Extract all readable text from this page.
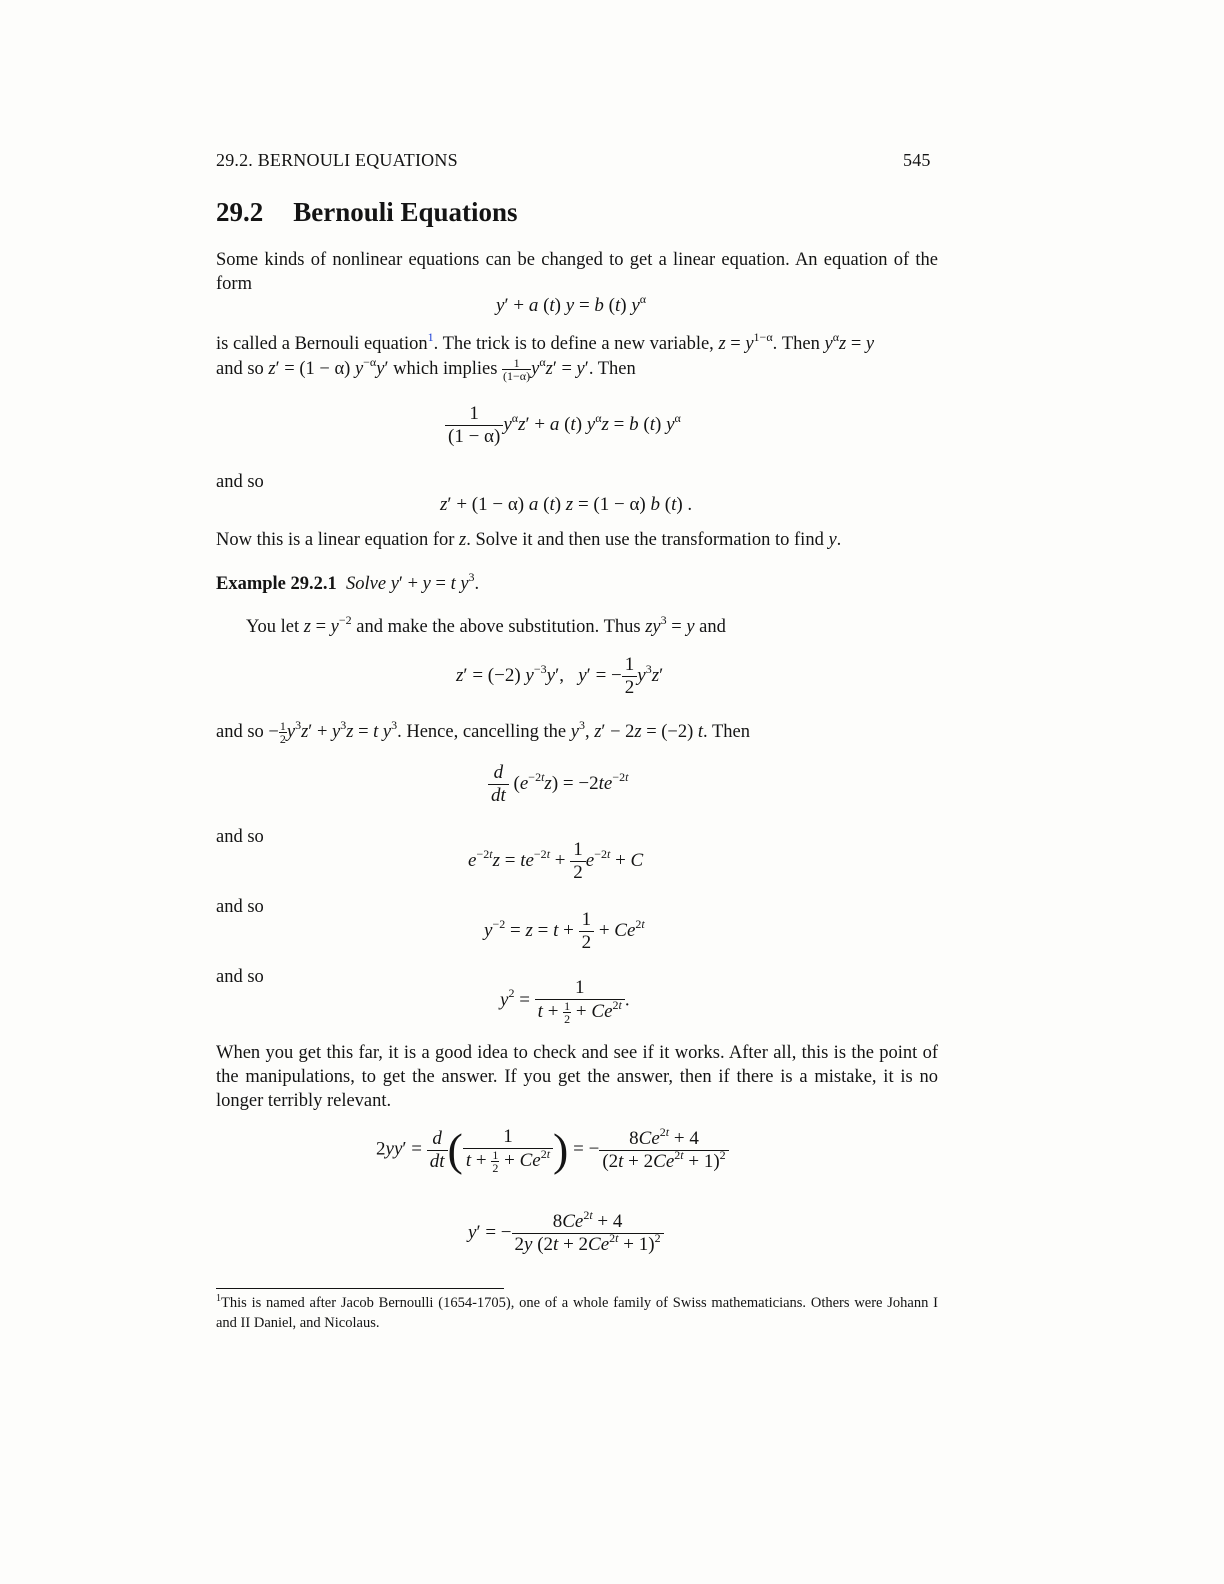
29.2. BERNOULI EQUATIONS	545
29.2 Bernouli Equations
Some kinds of nonlinear equations can be changed to get a linear equation. An equation of the form
y′ + a (t) y = b (t) $y^\alpha$
is called a Bernouli equation$^1$. The trick is to define a new variable, $z = y^{1-\alpha}$. Then $y^\alpha z = y$
and so z′ = (1 − α) $y^{-\alpha}y'$ which implies $\frac{1}{(1-\alpha)} y^\alpha z' = y'$. Then
$\frac{1}{(1 - \alpha)} y^\alpha z' + a$ (t) $y^\alpha z = b$ (t) $y^\alpha$
and so
z′ + (1 − α) a (t) z = (1 − α) b (t) .
Now this is a linear equation for z. Solve it and then use the transformation to find y.
Example 29.2.1 Solve y′ + y = t $y^3$.
You let $z = y^{-2}$ and make the above substitution. Thus $zy^3 = y$ and
z′ = (−2) $y^{-3}y'$,   y′ = − $\frac{1}{2} y^3z'$
and so − $\frac{1}{2} y^3z' + y^3z = t$ $y^3$. Hence, cancelling the $y^3$, z′ − 2z = (−2) t. Then
$\frac{d}{dt} (e^{-2t}z) = -2te^{-2t}$
and so
$e^{-2t}z = te^{-2t} + \frac{1}{2} e^{-2t} + C$
and so
$y^{-2} = z = t + \frac{1}{2} + Ce^{2t}$
and so
$y^2 = \frac{1}{t + \frac{1}{2} + Ce^{2t}}$ .
When you get this far, it is a good idea to check and see if it works. After all, this is the point of the manipulations, to get the answer. If you get the answer, then if there is a mistake, it is no longer terribly relevant.
$2yy' = \frac{d}{dt}$ ( $\frac{1}{t + \frac{1}{2} + Ce^{2t}}$ ) = − $\frac{8Ce^{2t} + 4}{(2t + 2Ce^{2t} + 1)^2}$
y′ = − $\frac{8Ce^{2t} + 4}{2y (2t + 2Ce^{2t} + 1)^2}$
$^1$This is named after Jacob Bernoulli (1654-1705), one of a whole family of Swiss mathematicians. Others were Johann I and II Daniel, and Nicolaus.
